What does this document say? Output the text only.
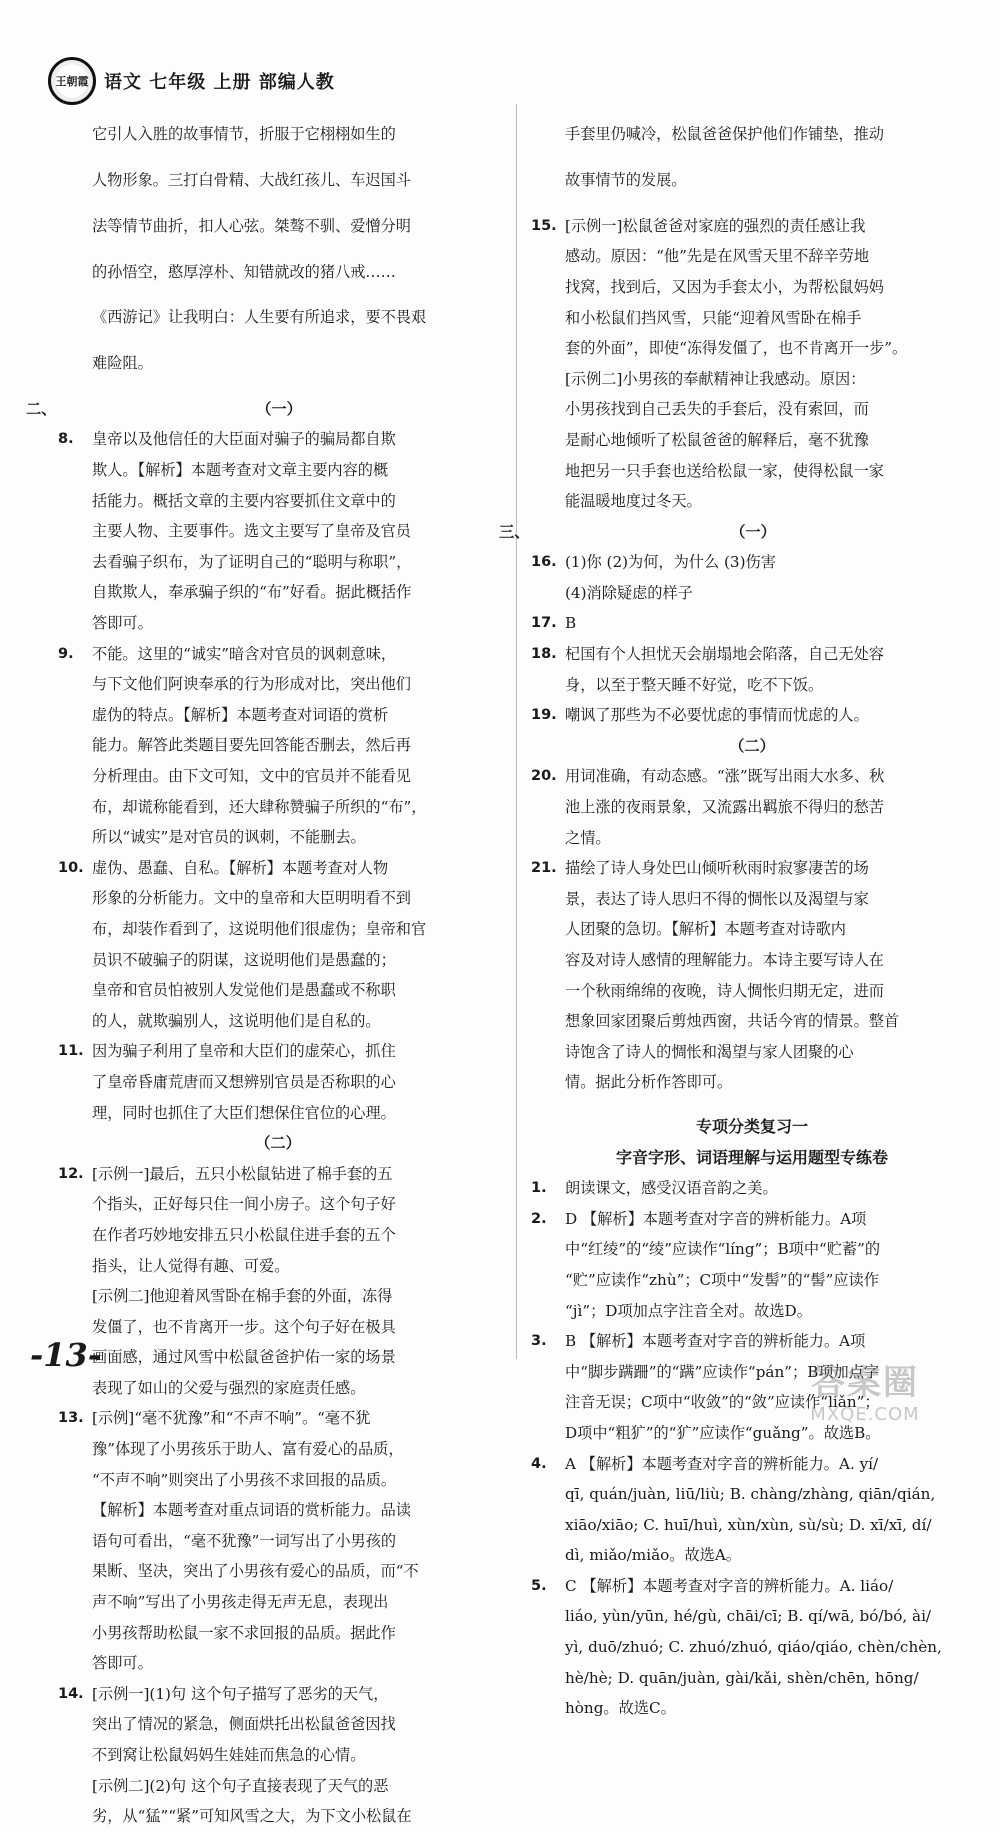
王朝霞 语文 七年级 上册 部编人教

它引人入胜的故事情节，折服于它栩栩如生的

人物形象。三打白骨精、大战红孩儿、车迟国斗

法等情节曲折，扣人心弦。桀骜不驯、爱憎分明

的孙悟空，憨厚淳朴、知错就改的猪八戒……

《西游记》让我明白：人生要有所追求，要不畏艰

难险阻。

二、	（一）
8.	皇帝以及他信任的大臣面对骗子的骗局都自欺

欺人。【解析】本题考查对文章主要内容的概

括能力。概括文章的主要内容要抓住文章中的

主要人物、主要事件。选文主要写了皇帝及官员

去看骗子织布，为了证明自己的“聪明与称职”，

自欺欺人，奉承骗子织的“布”好看。据此概括作

答即可。

9.	不能。这里的“诚实”暗含对官员的讽刺意味，

与下文他们阿谀奉承的行为形成对比，突出他们

虚伪的特点。【解析】本题考查对词语的赏析

能力。解答此类题目要先回答能否删去，然后再

分析理由。由下文可知，文中的官员并不能看见

布，却谎称能看到，还大肆称赞骗子所织的“布”，

所以“诚实”是对官员的讽刺，不能删去。

10. 虚伪、愚蠢、自私。【解析】本题考查对人物

形象的分析能力。文中的皇帝和大臣明明看不到

布，却装作看到了，这说明他们很虚伪；皇帝和官

员识不破骗子的阴谋，这说明他们是愚蠢的；

皇帝和官员怕被别人发觉他们是愚蠢或不称职

的人，就欺骗别人，这说明他们是自私的。

11. 因为骗子利用了皇帝和大臣们的虚荣心，抓住

了皇帝昏庸荒唐而又想辨别官员是否称职的心

理，同时也抓住了大臣们想保住官位的心理。

（二）
12. [示例一]最后，五只小松鼠钻进了棉手套的五

个指头，正好每只住一间小房子。这个句子好

在作者巧妙地安排五只小松鼠住进手套的五个

指头，让人觉得有趣、可爱。

[示例二]他迎着风雪卧在棉手套的外面，冻得

发僵了，也不肯离开一步。这个句子好在极具

画面感，通过风雪中松鼠爸爸护佑一家的场景

表现了如山的父爱与强烈的家庭责任感。

13. [示例]“毫不犹豫”和“不声不响”。“毫不犹

豫”体现了小男孩乐于助人、富有爱心的品质，

“不声不响”则突出了小男孩不求回报的品质。

【解析】本题考查对重点词语的赏析能力。品读

语句可看出，“毫不犹豫”一词写出了小男孩的

果断、坚决，突出了小男孩有爱心的品质，而“不

声不响”写出了小男孩走得无声无息，表现出

小男孩帮助松鼠一家不求回报的品质。据此作

答即可。

14. [示例一](1)句 这个句子描写了恶劣的天气，

突出了情况的紧急，侧面烘托出松鼠爸爸因找

不到窝让松鼠妈妈生娃娃而焦急的心情。

[示例二](2)句 这个句子直接表现了天气的恶

劣，从“猛”“紧”可知风雪之大，为下文小松鼠在

手套里仍喊冷，松鼠爸爸保护他们作铺垫，推动

故事情节的发展。

15. [示例一]松鼠爸爸对家庭的强烈的责任感让我

感动。原因：“他”先是在风雪天里不辞辛劳地

找窝，找到后，又因为手套太小，为帮松鼠妈妈

和小松鼠们挡风雪，只能“迎着风雪卧在棉手

套的外面”，即使“冻得发僵了，也不肯离开一步”。

[示例二]小男孩的奉献精神让我感动。原因：

小男孩找到自己丢失的手套后，没有索回，而

是耐心地倾听了松鼠爸爸的解释后，毫不犹豫

地把另一只手套也送给松鼠一家，使得松鼠一家

能温暖地度过冬天。

三、	（一）
16. (1)你 (2)为何，为什么 (3)伤害

(4)消除疑虑的样子

17. B

18. 杞国有个人担忧天会崩塌地会陷落，自己无处容

身，以至于整天睡不好觉，吃不下饭。

19. 嘲讽了那些为不必要忧虑的事情而忧虑的人。

（二）
20. 用词准确，有动态感。“涨”既写出雨大水多、秋

池上涨的夜雨景象，又流露出羁旅不得归的愁苦

之情。

21. 描绘了诗人身处巴山倾听秋雨时寂寥凄苦的场

景，表达了诗人思归不得的惆怅以及渴望与家

人团聚的急切。【解析】本题考查对诗歌内

容及对诗人感情的理解能力。本诗主要写诗人在

一个秋雨绵绵的夜晚，诗人惆怅归期无定，进而

想象回家团聚后剪烛西窗，共话今宵的情景。整首

诗饱含了诗人的惆怅和渴望与家人团聚的心

情。据此分析作答即可。

专项分类复习一
字音字形、词语理解与运用题型专练卷
1.	朗读课文，感受汉语音韵之美。

2.	D 【解析】本题考查对字音的辨析能力。A项

中“红绫”的“绫”应读作“líng”；B项中“贮蓄”的

“贮”应读作“zhù”；C项中“发髻”的“髻”应读作

“jì”；D项加点字注音全对。故选D。

3.	B 【解析】本题考查对字音的辨析能力。A项

中“脚步蹒跚”的“蹒”应读作“pán”；B项加点字

注音无误；C项中“收敛”的“敛”应读作“liǎn”；

D项中“粗犷”的“犷”应读作“guǎng”。故选B。

4.	A 【解析】本题考查对字音的辨析能力。A. yí/

qī, quán/juàn, liū/liù; B. chàng/zhàng, qiān/qián,

xiāo/xiāo; C. huī/huì, xùn/xùn, sù/sù; D. xī/xī, dí/

dì, miǎo/miǎo。故选A。

5.	C 【解析】本题考查对字音的辨析能力。A. liáo/

liáo, yùn/yūn, hé/gù, chāi/cī; B. qí/wā, bó/bó, ài/

yì, duō/zhuó; C. zhuó/zhuó, qiáo/qiáo, chèn/chèn,

hè/hè; D. quān/juàn, gài/kǎi, shèn/chēn, hōng/

hòng。故选C。

-13-
答案圈
MXQE.COM
